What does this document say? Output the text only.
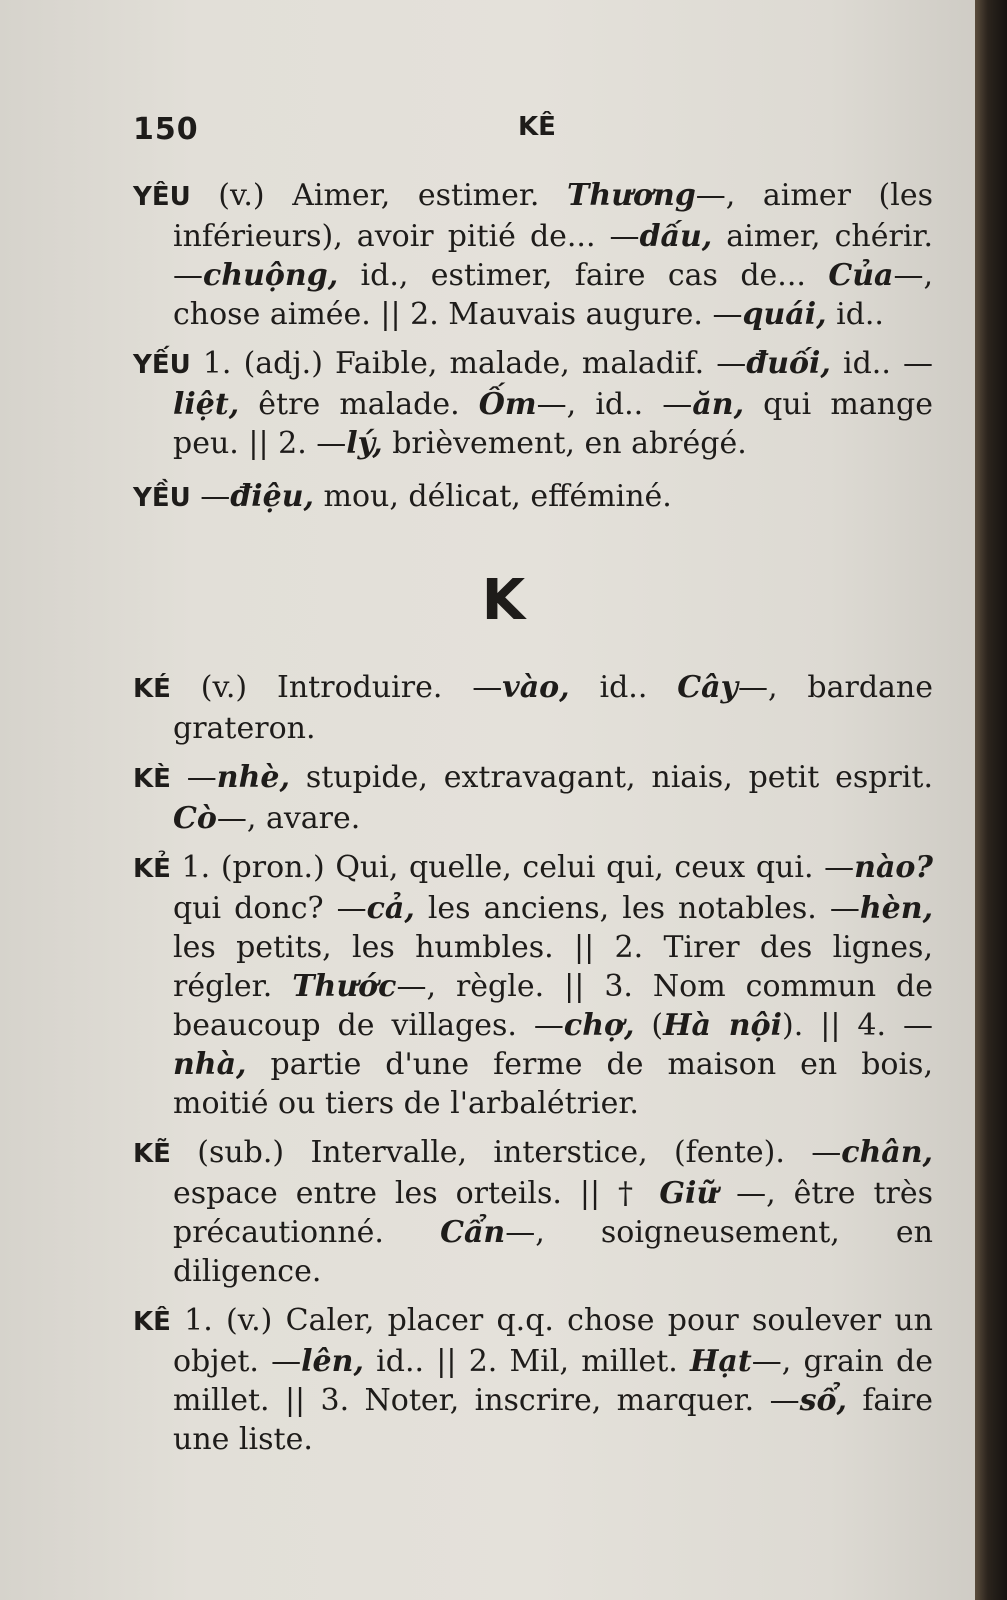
150	KÊ

YÊU (v.) Aimer, estimer. Thương—, aimer (les inférieurs), avoir pitié de... —dấu, aimer, chérir. —chuộng, id., estimer, faire cas de... Của—, chose aimée. || 2. Mauvais augure. —quái, id..

YẾU 1. (adj.) Faible, malade, maladif. —đuối, id.. —liệt, être malade. Ốm—, id.. —ăn, qui mange peu. || 2. —lý, brièvement, en abrégé.

YỀU —điệu, mou, délicat, efféminé.

K

KÉ (v.) Introduire. —vào, id.. Cây—, bardane grateron.

KÈ —nhè, stupide, extravagant, niais, petit esprit. Cò—, avare.

KẺ 1. (pron.) Qui, quelle, celui qui, ceux qui. —nào? qui donc? —cả, les anciens, les notables. —hèn, les petits, les humbles. || 2. Tirer des lignes, régler. Thước—, règle. || 3. Nom commun de beaucoup de villages. —chợ, (Hà nội). || 4. —nhà, partie d'une ferme de maison en bois, moitié ou tiers de l'arbalétrier.

KẼ (sub.) Intervalle, interstice, (fente). —chân, espace entre les orteils. || † Giữ —, être très précautionné. Cẩn—, soigneusement, en diligence.

KÊ 1. (v.) Caler, placer q.q. chose pour soulever un objet. —lên, id.. || 2. Mil, millet. Hạt—, grain de millet. || 3. Noter, inscrire, marquer. —sổ, faire une liste.
